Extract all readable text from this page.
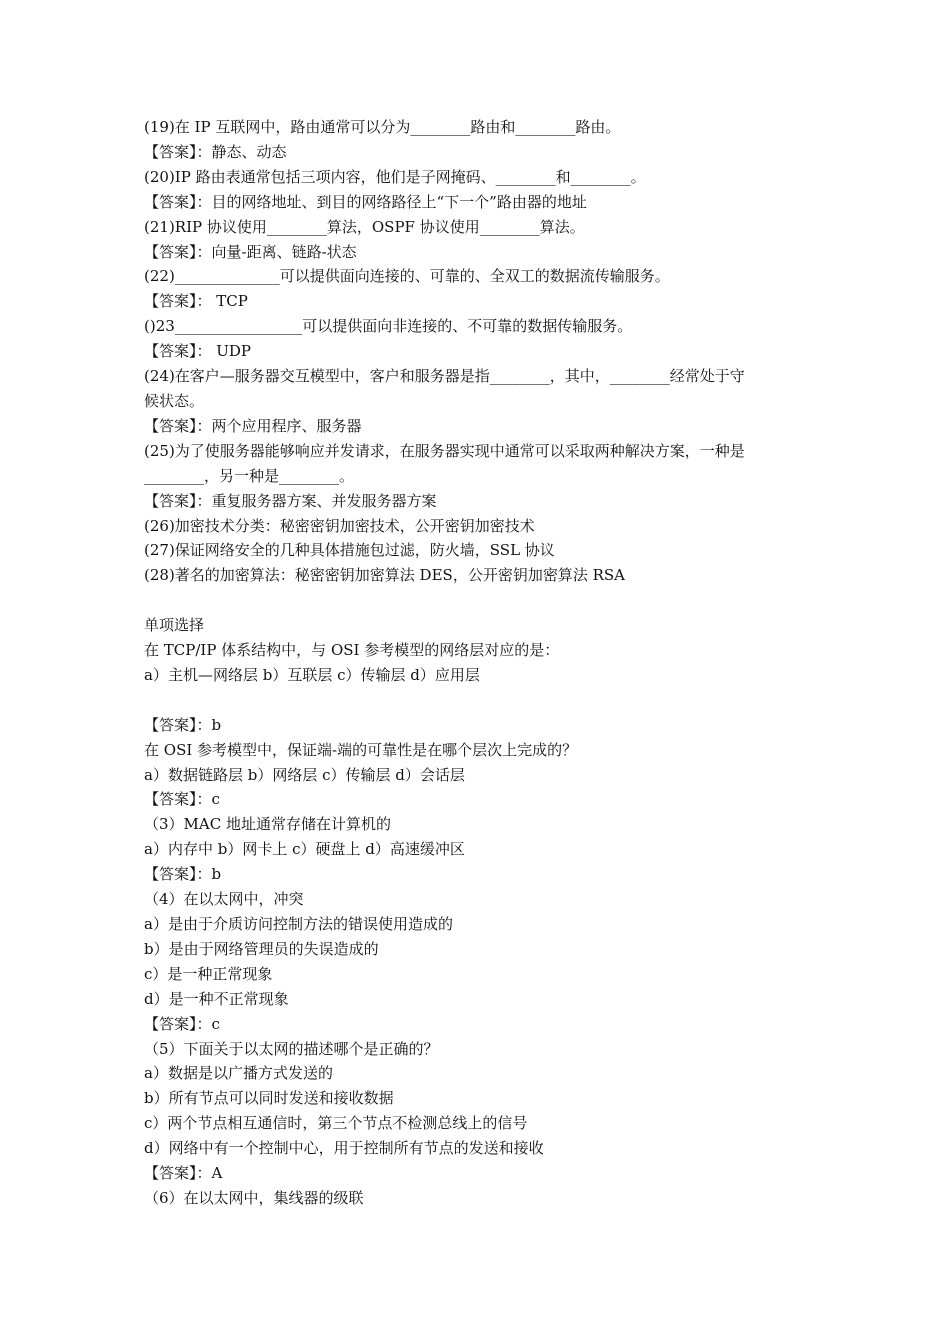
(19)在 IP 互联网中，路由通常可以分为________路由和________路由。
【答案】：静态、动态
(20)IP 路由表通常包括三项内容，他们是子网掩码、________和________。
【答案】：目的网络地址、到目的网络路径上“下一个”路由器的地址
(21)RIP 协议使用________算法，OSPF 协议使用________算法。
【答案】：向量-距离、链路-状态
(22)______________可以提供面向连接的、可靠的、全双工的数据流传输服务。
【答案】： TCP
()23_________________可以提供面向非连接的、不可靠的数据传输服务。
【答案】： UDP
(24)在客户—服务器交互模型中，客户和服务器是指________，其中，________经常处于守
候状态。
【答案】：两个应用程序、服务器
(25)为了使服务器能够响应并发请求，在服务器实现中通常可以采取两种解决方案，一种是
________，另一种是________。
【答案】：重复服务器方案、并发服务器方案
(26)加密技术分类：秘密密钥加密技术，公开密钥加密技术
(27)保证网络安全的几种具体措施包过滤，防火墙，SSL 协议
(28)著名的加密算法：秘密密钥加密算法 DES，公开密钥加密算法 RSA
单项选择
在 TCP/IP 体系结构中，与 OSI 参考模型的网络层对应的是：
a）主机—网络层 b）互联层 c）传输层 d）应用层
【答案】：b
在 OSI 参考模型中，保证端-端的可靠性是在哪个层次上完成的？
a）数据链路层 b）网络层 c）传输层 d）会话层
【答案】：c
（3）MAC 地址通常存储在计算机的
a）内存中 b）网卡上 c）硬盘上 d）高速缓冲区
【答案】：b
（4）在以太网中，冲突
a）是由于介质访问控制方法的错误使用造成的
b）是由于网络管理员的失误造成的
c）是一种正常现象
d）是一种不正常现象
【答案】：c
（5）下面关于以太网的描述哪个是正确的？
a）数据是以广播方式发送的
b）所有节点可以同时发送和接收数据
c）两个节点相互通信时，第三个节点不检测总线上的信号
d）网络中有一个控制中心，用于控制所有节点的发送和接收
【答案】：A
（6）在以太网中，集线器的级联
